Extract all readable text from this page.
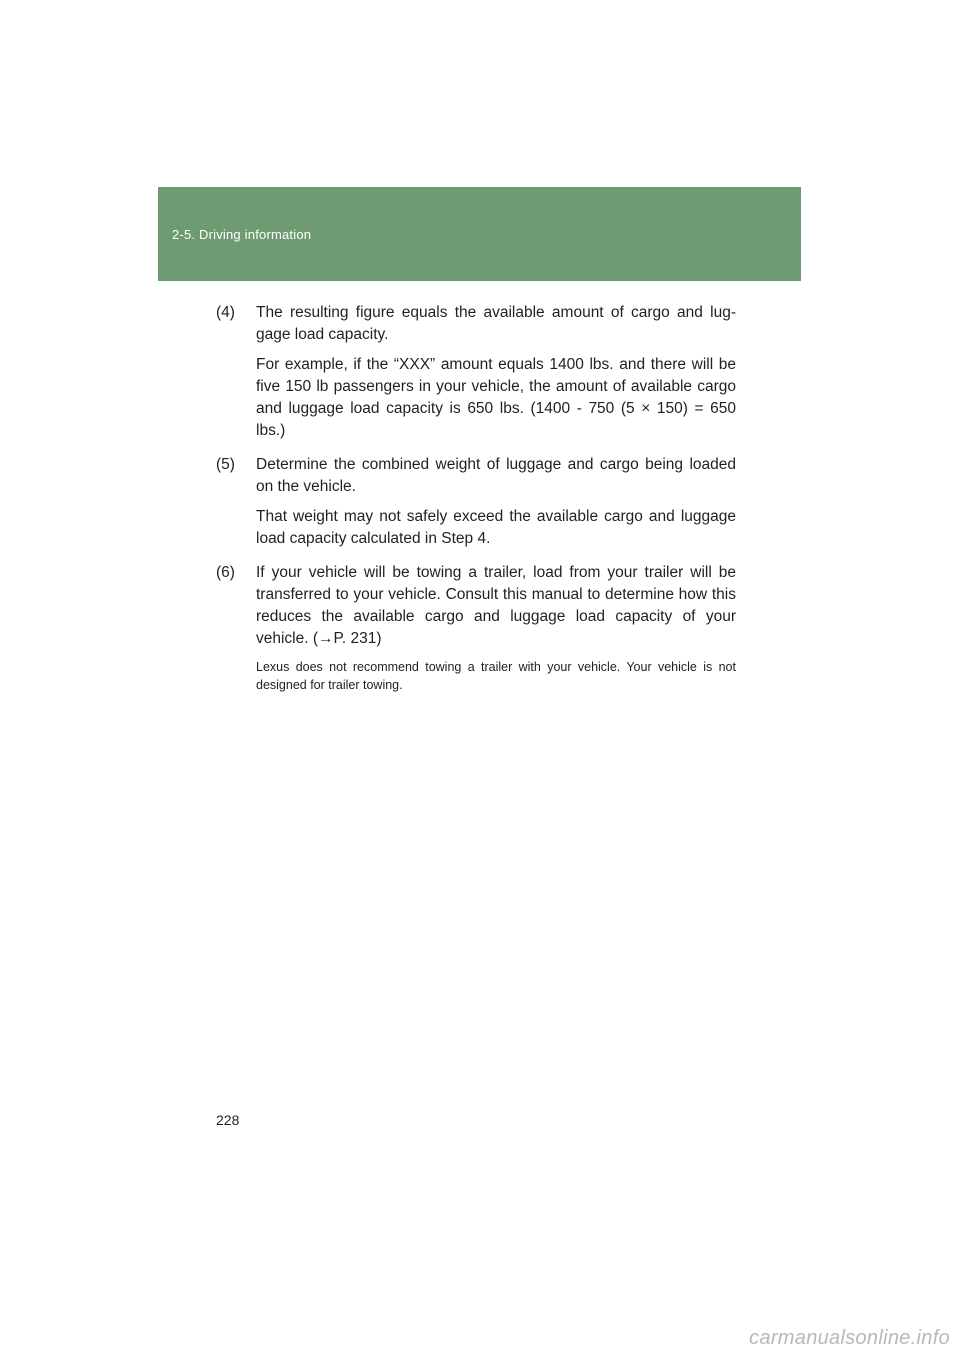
2-5. Driving information
(4) The resulting figure equals the available amount of cargo and lug-gage load capacity.
For example, if the “XXX” amount equals 1400 lbs. and there will be five 150 lb passengers in your vehicle, the amount of available cargo and luggage load capacity is 650 lbs. (1400 - 750 (5 × 150) = 650 lbs.)
(5) Determine the combined weight of luggage and cargo being loaded on the vehicle.
That weight may not safely exceed the available cargo and luggage load capacity calculated in Step 4.
(6) If your vehicle will be towing a trailer, load from your trailer will be transferred to your vehicle. Consult this manual to determine how this reduces the available cargo and luggage load capacity of your vehicle. (→P. 231)
Lexus does not recommend towing a trailer with your vehicle. Your vehicle is not designed for trailer towing.
228
carmanualsonline.info
